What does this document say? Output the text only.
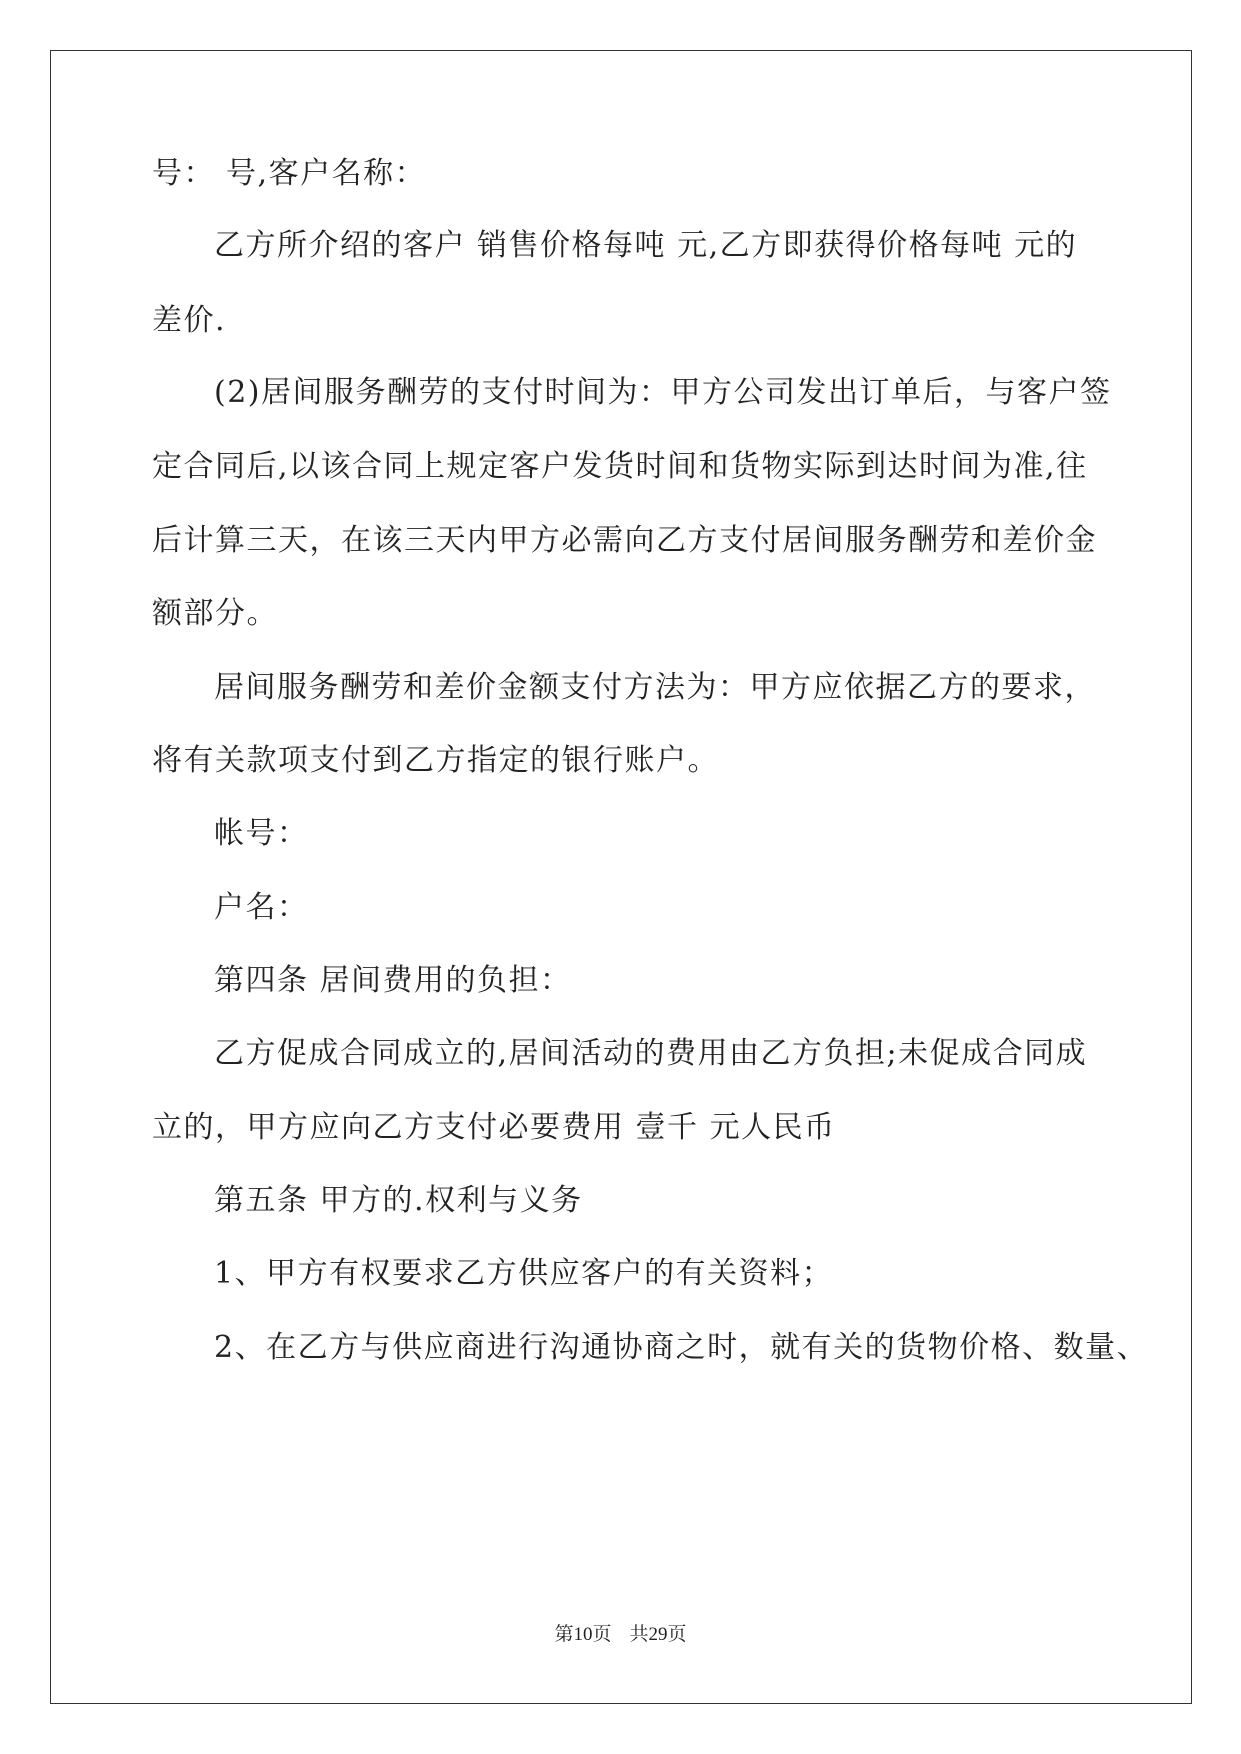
号： 号,客户名称：
乙方所介绍的客户 销售价格每吨 元,乙方即获得价格每吨 元的
差价.
(2)居间服务酬劳的支付时间为：甲方公司发出订单后，与客户签
定合同后,以该合同上规定客户发货时间和货物实际到达时间为准,往
后计算三天，在该三天内甲方必需向乙方支付居间服务酬劳和差价金
额部分。
居间服务酬劳和差价金额支付方法为：甲方应依据乙方的要求，
将有关款项支付到乙方指定的银行账户。
帐号：
户名：
第四条 居间费用的负担：
乙方促成合同成立的,居间活动的费用由乙方负担;未促成合同成
立的，甲方应向乙方支付必要费用 壹千 元人民币
第五条 甲方的.权利与义务
1、甲方有权要求乙方供应客户的有关资料；
2、在乙方与供应商进行沟通协商之时，就有关的货物价格、数量、
第10页 共29页
